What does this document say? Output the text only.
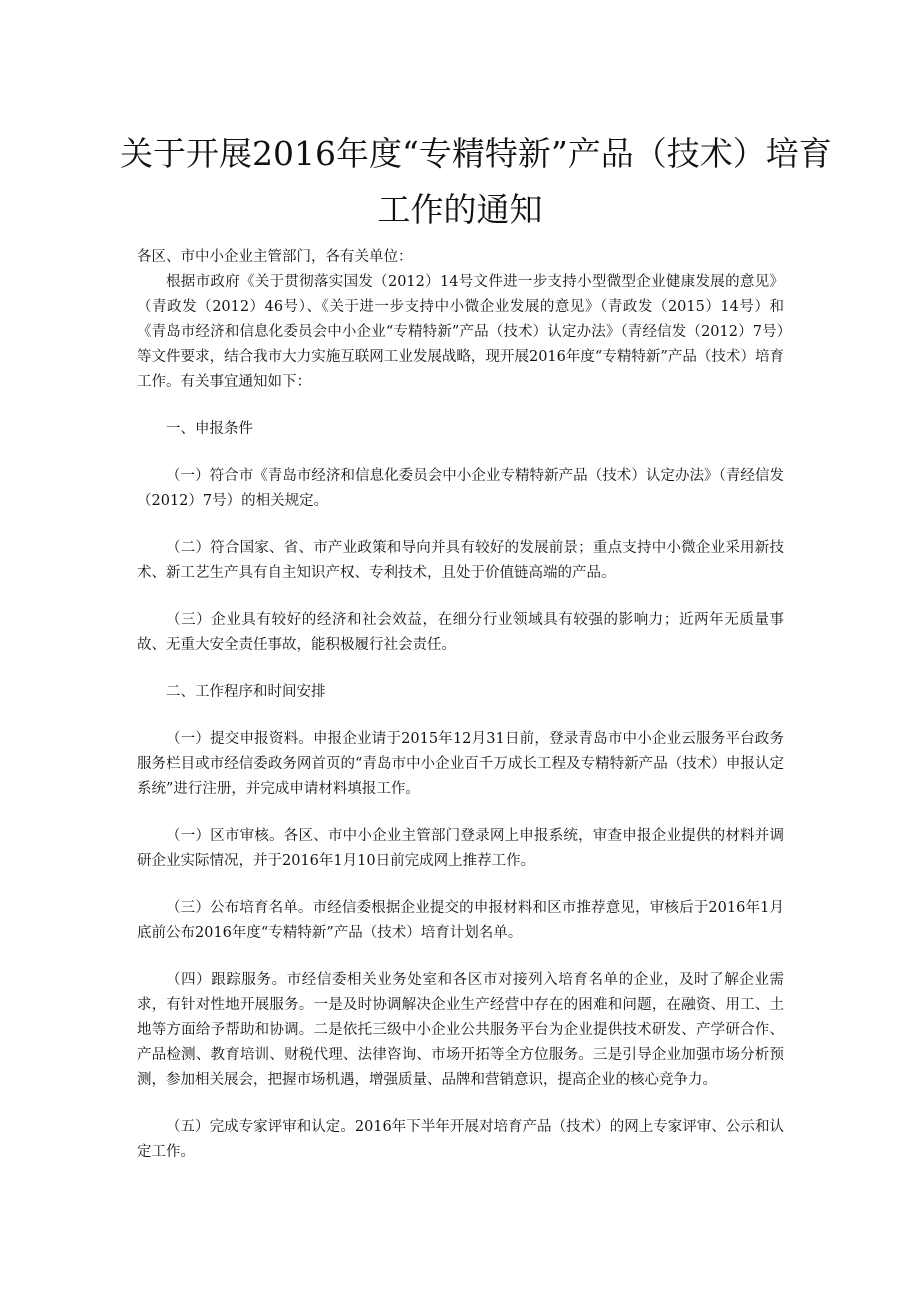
关于开展2016年度“专精特新”产品（技术）培育

工作的通知

各区、市中小企业主管部门，各有关单位：

根据市政府《关于贯彻落实国发（2012）14号文件进一步支持小型微型企业健康发展的意见》（青政发（2012）46号）、《关于进一步支持中小微企业发展的意见》（青政发（2015）14号）和《青岛市经济和信息化委员会中小企业“专精特新”产品（技术）认定办法》（青经信发（2012）7号）等文件要求，结合我市大力实施互联网工业发展战略，现开展2016年度“专精特新”产品（技术）培育工作。有关事宜通知如下：

一、申报条件

（一）符合市《青岛市经济和信息化委员会中小企业专精特新产品（技术）认定办法》（青经信发（2012）7号）的相关规定。

（二）符合国家、省、市产业政策和导向并具有较好的发展前景；重点支持中小微企业采用新技术、新工艺生产具有自主知识产权、专利技术，且处于价值链高端的产品。

（三）企业具有较好的经济和社会效益，在细分行业领域具有较强的影响力；近两年无质量事故、无重大安全责任事故，能积极履行社会责任。

二、工作程序和时间安排

（一）提交申报资料。申报企业请于2015年12月31日前，登录青岛市中小企业云服务平台政务服务栏目或市经信委政务网首页的“青岛市中小企业百千万成长工程及专精特新产品（技术）申报认定系统”进行注册，并完成申请材料填报工作。

（一）区市审核。各区、市中小企业主管部门登录网上申报系统，审查申报企业提供的材料并调研企业实际情况，并于2016年1月10日前完成网上推荐工作。

（三）公布培育名单。市经信委根据企业提交的申报材料和区市推荐意见，审核后于2016年1月底前公布2016年度“专精特新”产品（技术）培育计划名单。

（四）跟踪服务。市经信委相关业务处室和各区市对接列入培育名单的企业，及时了解企业需求，有针对性地开展服务。一是及时协调解决企业生产经营中存在的困难和问题，在融资、用工、土地等方面给予帮助和协调。二是依托三级中小企业公共服务平台为企业提供技术研发、产学研合作、产品检测、教育培训、财税代理、法律咨询、市场开拓等全方位服务。三是引导企业加强市场分析预测，参加相关展会，把握市场机遇，增强质量、品牌和营销意识，提高企业的核心竞争力。

（五）完成专家评审和认定。2016年下半年开展对培育产品（技术）的网上专家评审、公示和认定工作。
